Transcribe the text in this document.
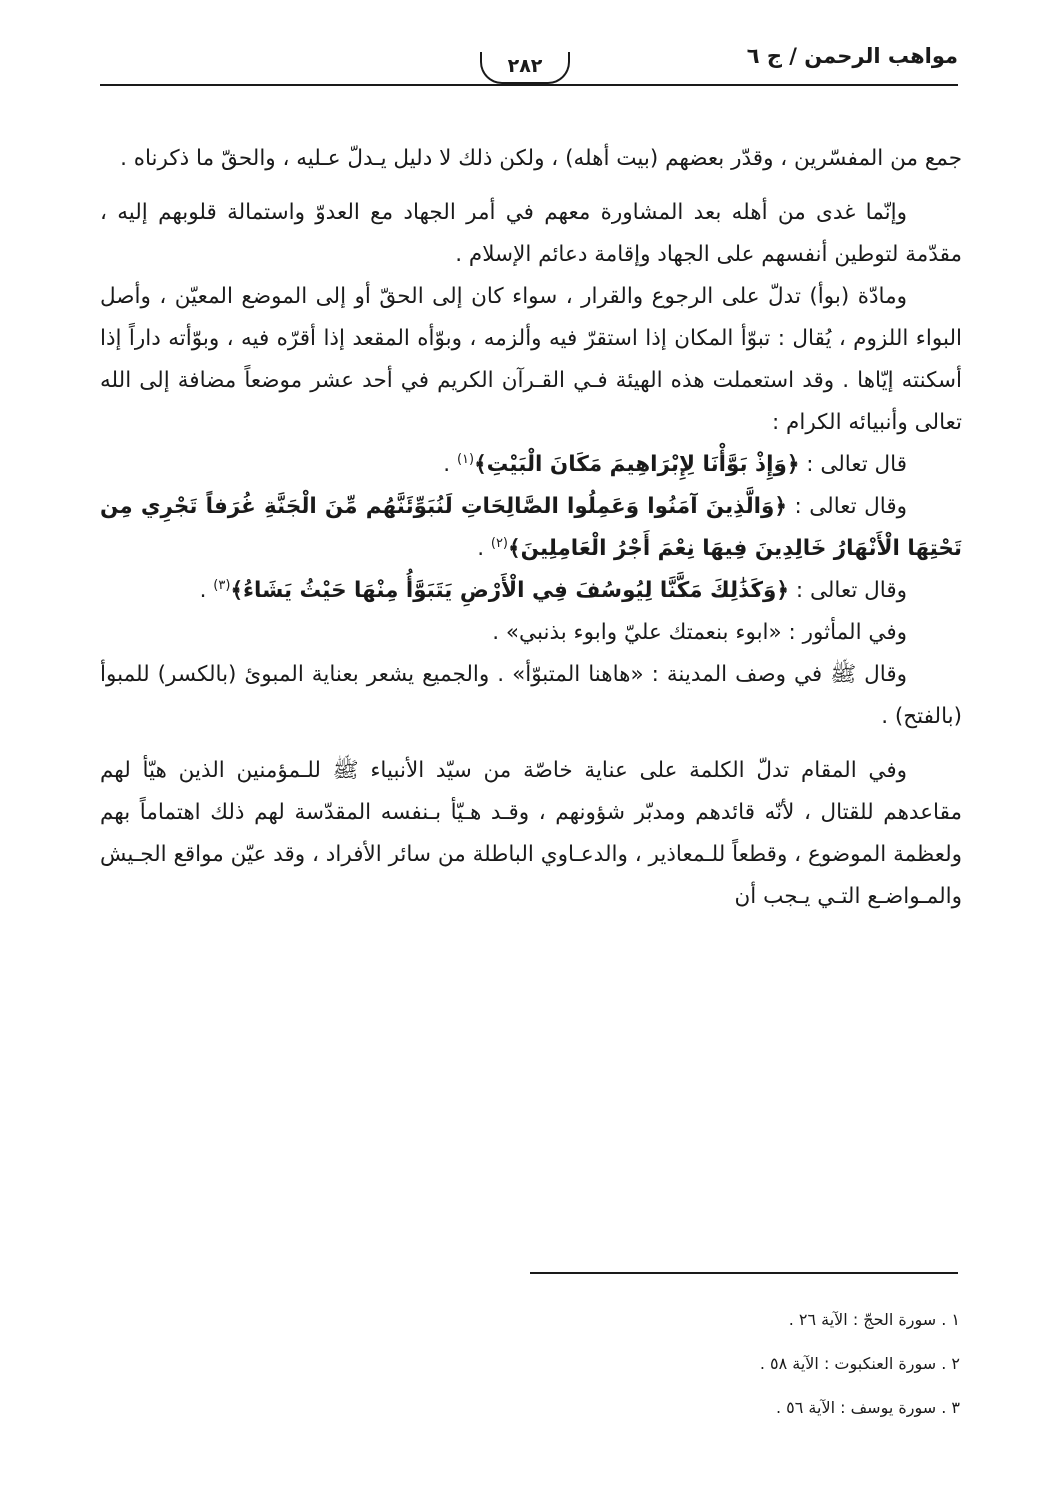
مواهب الرحمن / ج ٦
٢٨٢

جمع من المفسّرين ، وقدّر بعضهم (بيت أهله) ، ولكن ذلك لا دليل يـدلّ عـليه ، والحقّ ما ذكرناه .

وإنّما غدى من أهله بعد المشاورة معهم في أمر الجهاد مع العدوّ واستمالة قلوبهم إليه ، مقدّمة لتوطين أنفسهم على الجهاد وإقامة دعائم الإسلام .

ومادّة (بوأ) تدلّ على الرجوع والقرار ، سواء كان إلى الحقّ أو إلى الموضع المعيّن ، وأصل البواء اللزوم ، يُقال : تبوّأ المكان إذا استقرّ فيه وألزمه ، وبوّأه المقعد إذا أقرّه فيه ، وبوّأته داراً إذا أسكنته إيّاها . وقد استعملت هذه الهيئة فـي القـرآن الكريم في أحد عشر موضعاً مضافة إلى الله تعالى وأنبيائه الكرام :

قال تعالى : ﴿وَإِذْ بَوَّأْنَا لِإِبْرَاهِيمَ مَكَانَ الْبَيْتِ﴾$^{(١)}$ .

وقال تعالى : ﴿وَالَّذِينَ آمَنُوا وَعَمِلُوا الصَّالِحَاتِ لَنُبَوِّئَنَّهُم مِّنَ الْجَنَّةِ غُرَفاً تَجْرِي مِن تَحْتِهَا الْأَنْهَارُ خَالِدِينَ فِيهَا نِعْمَ أَجْرُ الْعَامِلِينَ﴾$^{(٢)}$ .

وقال تعالى : ﴿وَكَذَٰلِكَ مَكَّنَّا لِيُوسُفَ فِي الْأَرْضِ يَتَبَوَّأُ مِنْهَا حَيْثُ يَشَاءُ﴾$^{(٣)}$ .

وفي المأثور : «ابوء بنعمتك عليّ وابوء بذنبي» .

وقال ﷺ في وصف المدينة : «هاهنا المتبوّأ» . والجميع يشعر بعناية المبوئ (بالكسر) للمبوأ (بالفتح) .

وفي المقام تدلّ الكلمة على عناية خاصّة من سيّد الأنبياء ﷺ للـمؤمنين الذين هيّأ لهم مقاعدهم للقتال ، لأنّه قائدهم ومدبّر شؤونهم ، وقـد هـيّأ بـنفسه المقدّسة لهم ذلك اهتماماً بهم ولعظمة الموضوع ، وقطعاً للـمعاذير ، والدعـاوي الباطلة من سائر الأفراد ، وقد عيّن مواقع الجـيش والمـواضـع التـي يـجب أن

١ . سورة الحجّ : الآية ٢٦ .

٢ . سورة العنكبوت : الآية ٥٨ .

٣ . سورة يوسف : الآية ٥٦ .
